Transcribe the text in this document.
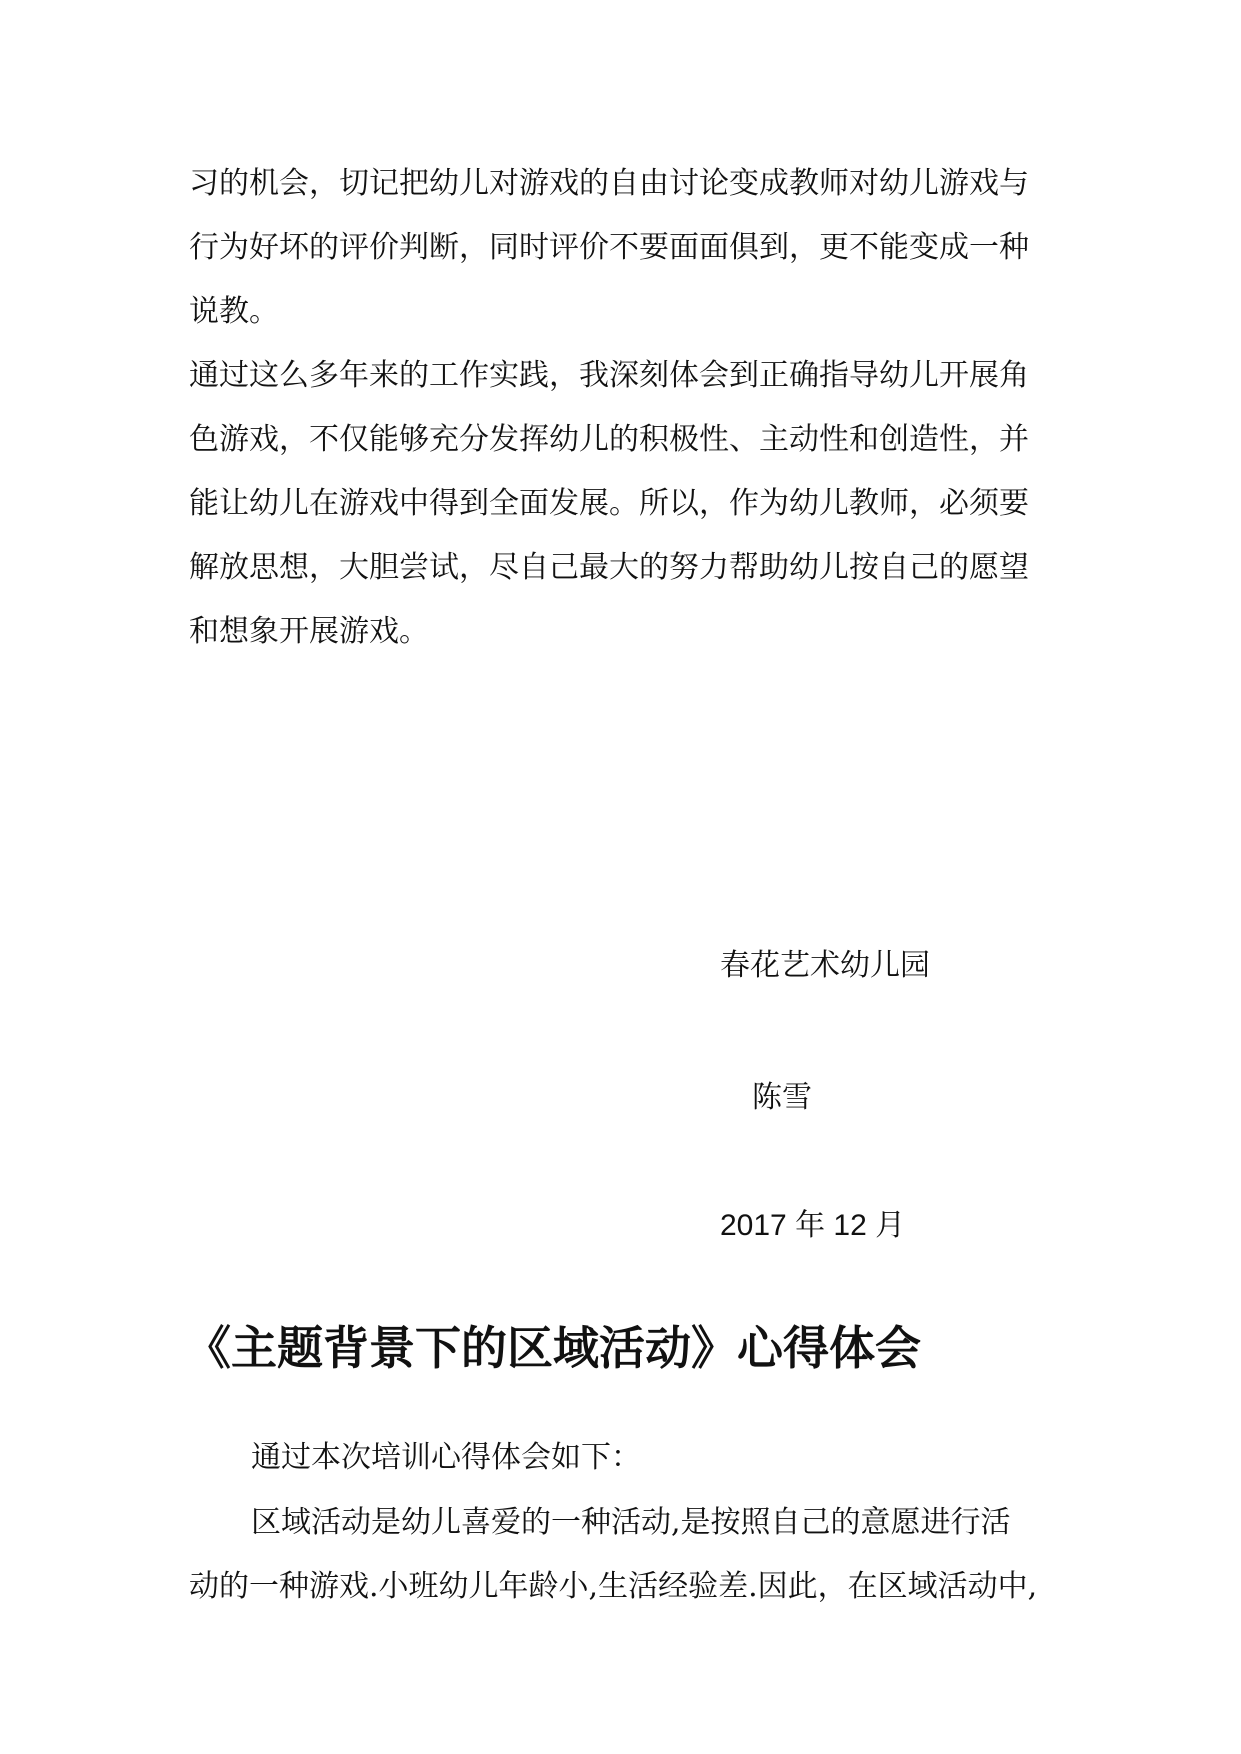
习的机会，切记把幼儿对游戏的自由讨论变成教师对幼儿游戏与
行为好坏的评价判断，同时评价不要面面俱到，更不能变成一种
说教。
通过这么多年来的工作实践，我深刻体会到正确指导幼儿开展角
色游戏，不仅能够充分发挥幼儿的积极性、主动性和创造性，并
能让幼儿在游戏中得到全面发展。所以，作为幼儿教师，必须要
解放思想，大胆尝试，尽自己最大的努力帮助幼儿按自己的愿望
和想象开展游戏。
春花艺术幼儿园
陈雪
2017 年 12 月
《主题背景下的区域活动》心得体会
通过本次培训心得体会如下：
区域活动是幼儿喜爱的一种活动,是按照自己的意愿进行活
动的一种游戏.小班幼儿年龄小,生活经验差.因此，在区域活动中,
